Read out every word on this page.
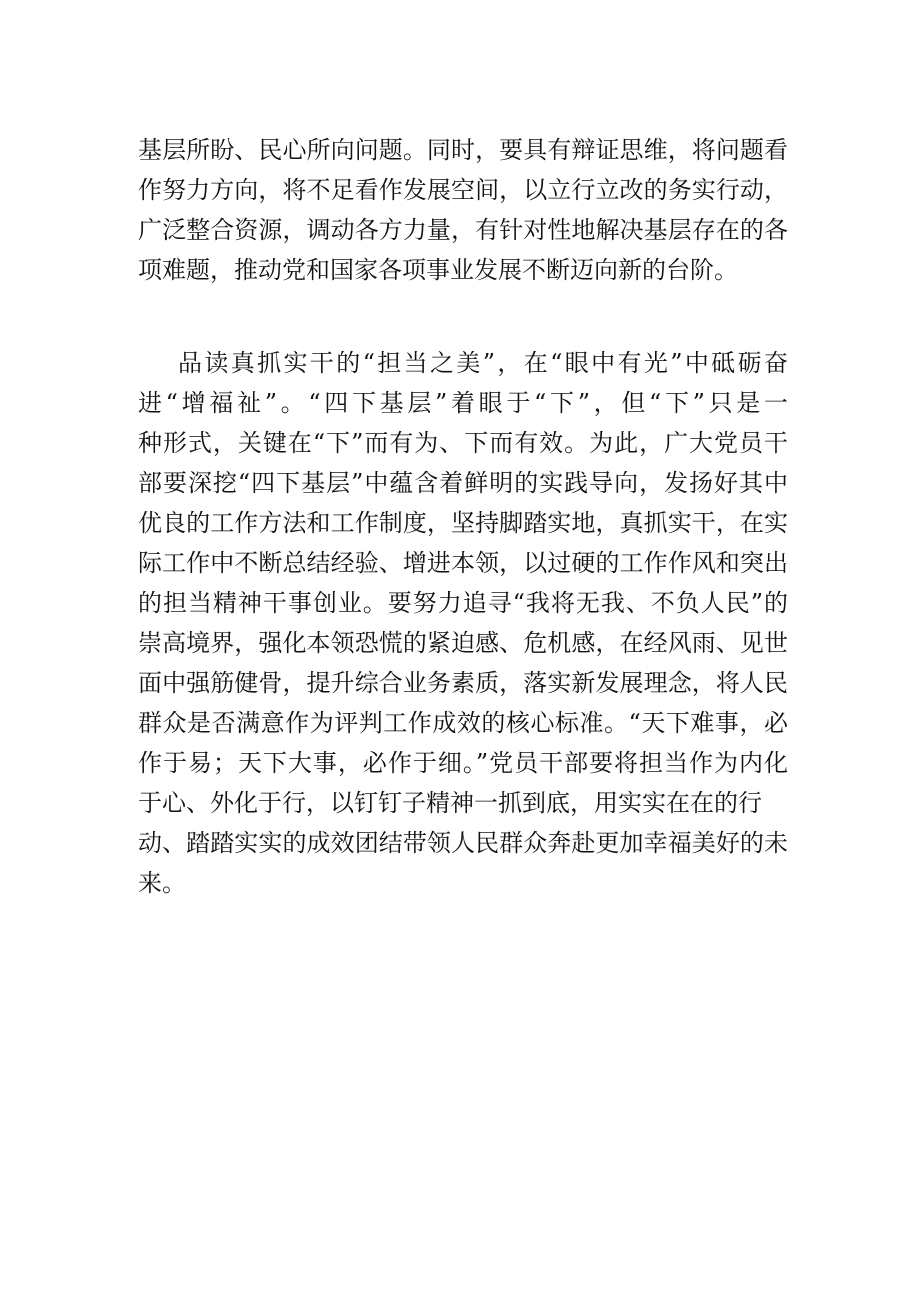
基层所盼、民心所向问题。同时，要具有辩证思维，将问题看
作努力方向，将不足看作发展空间，以立行立改的务实行动，
广泛整合资源，调动各方力量，有针对性地解决基层存在的各
项难题，推动党和国家各项事业发展不断迈向新的台阶。
品读真抓实干的“担当之美”，在“眼中有光”中砥砺奋
进“增福祉”。“四下基层”着眼于“下”，但“下”只是一
种形式，关键在“下”而有为、下而有效。为此，广大党员干
部要深挖“四下基层”中蕴含着鲜明的实践导向，发扬好其中
优良的工作方法和工作制度，坚持脚踏实地，真抓实干，在实
际工作中不断总结经验、增进本领，以过硬的工作作风和突出
的担当精神干事创业。要努力追寻“我将无我、不负人民”的
崇高境界，强化本领恐慌的紧迫感、危机感，在经风雨、见世
面中强筋健骨，提升综合业务素质，落实新发展理念，将人民
群众是否满意作为评判工作成效的核心标准。“天下难事，必
作于易；天下大事，必作于细。”党员干部要将担当作为内化
于心、外化于行，以钉钉子精神一抓到底，用实实在在的行
动、踏踏实实的成效团结带领人民群众奔赴更加幸福美好的未
来。
